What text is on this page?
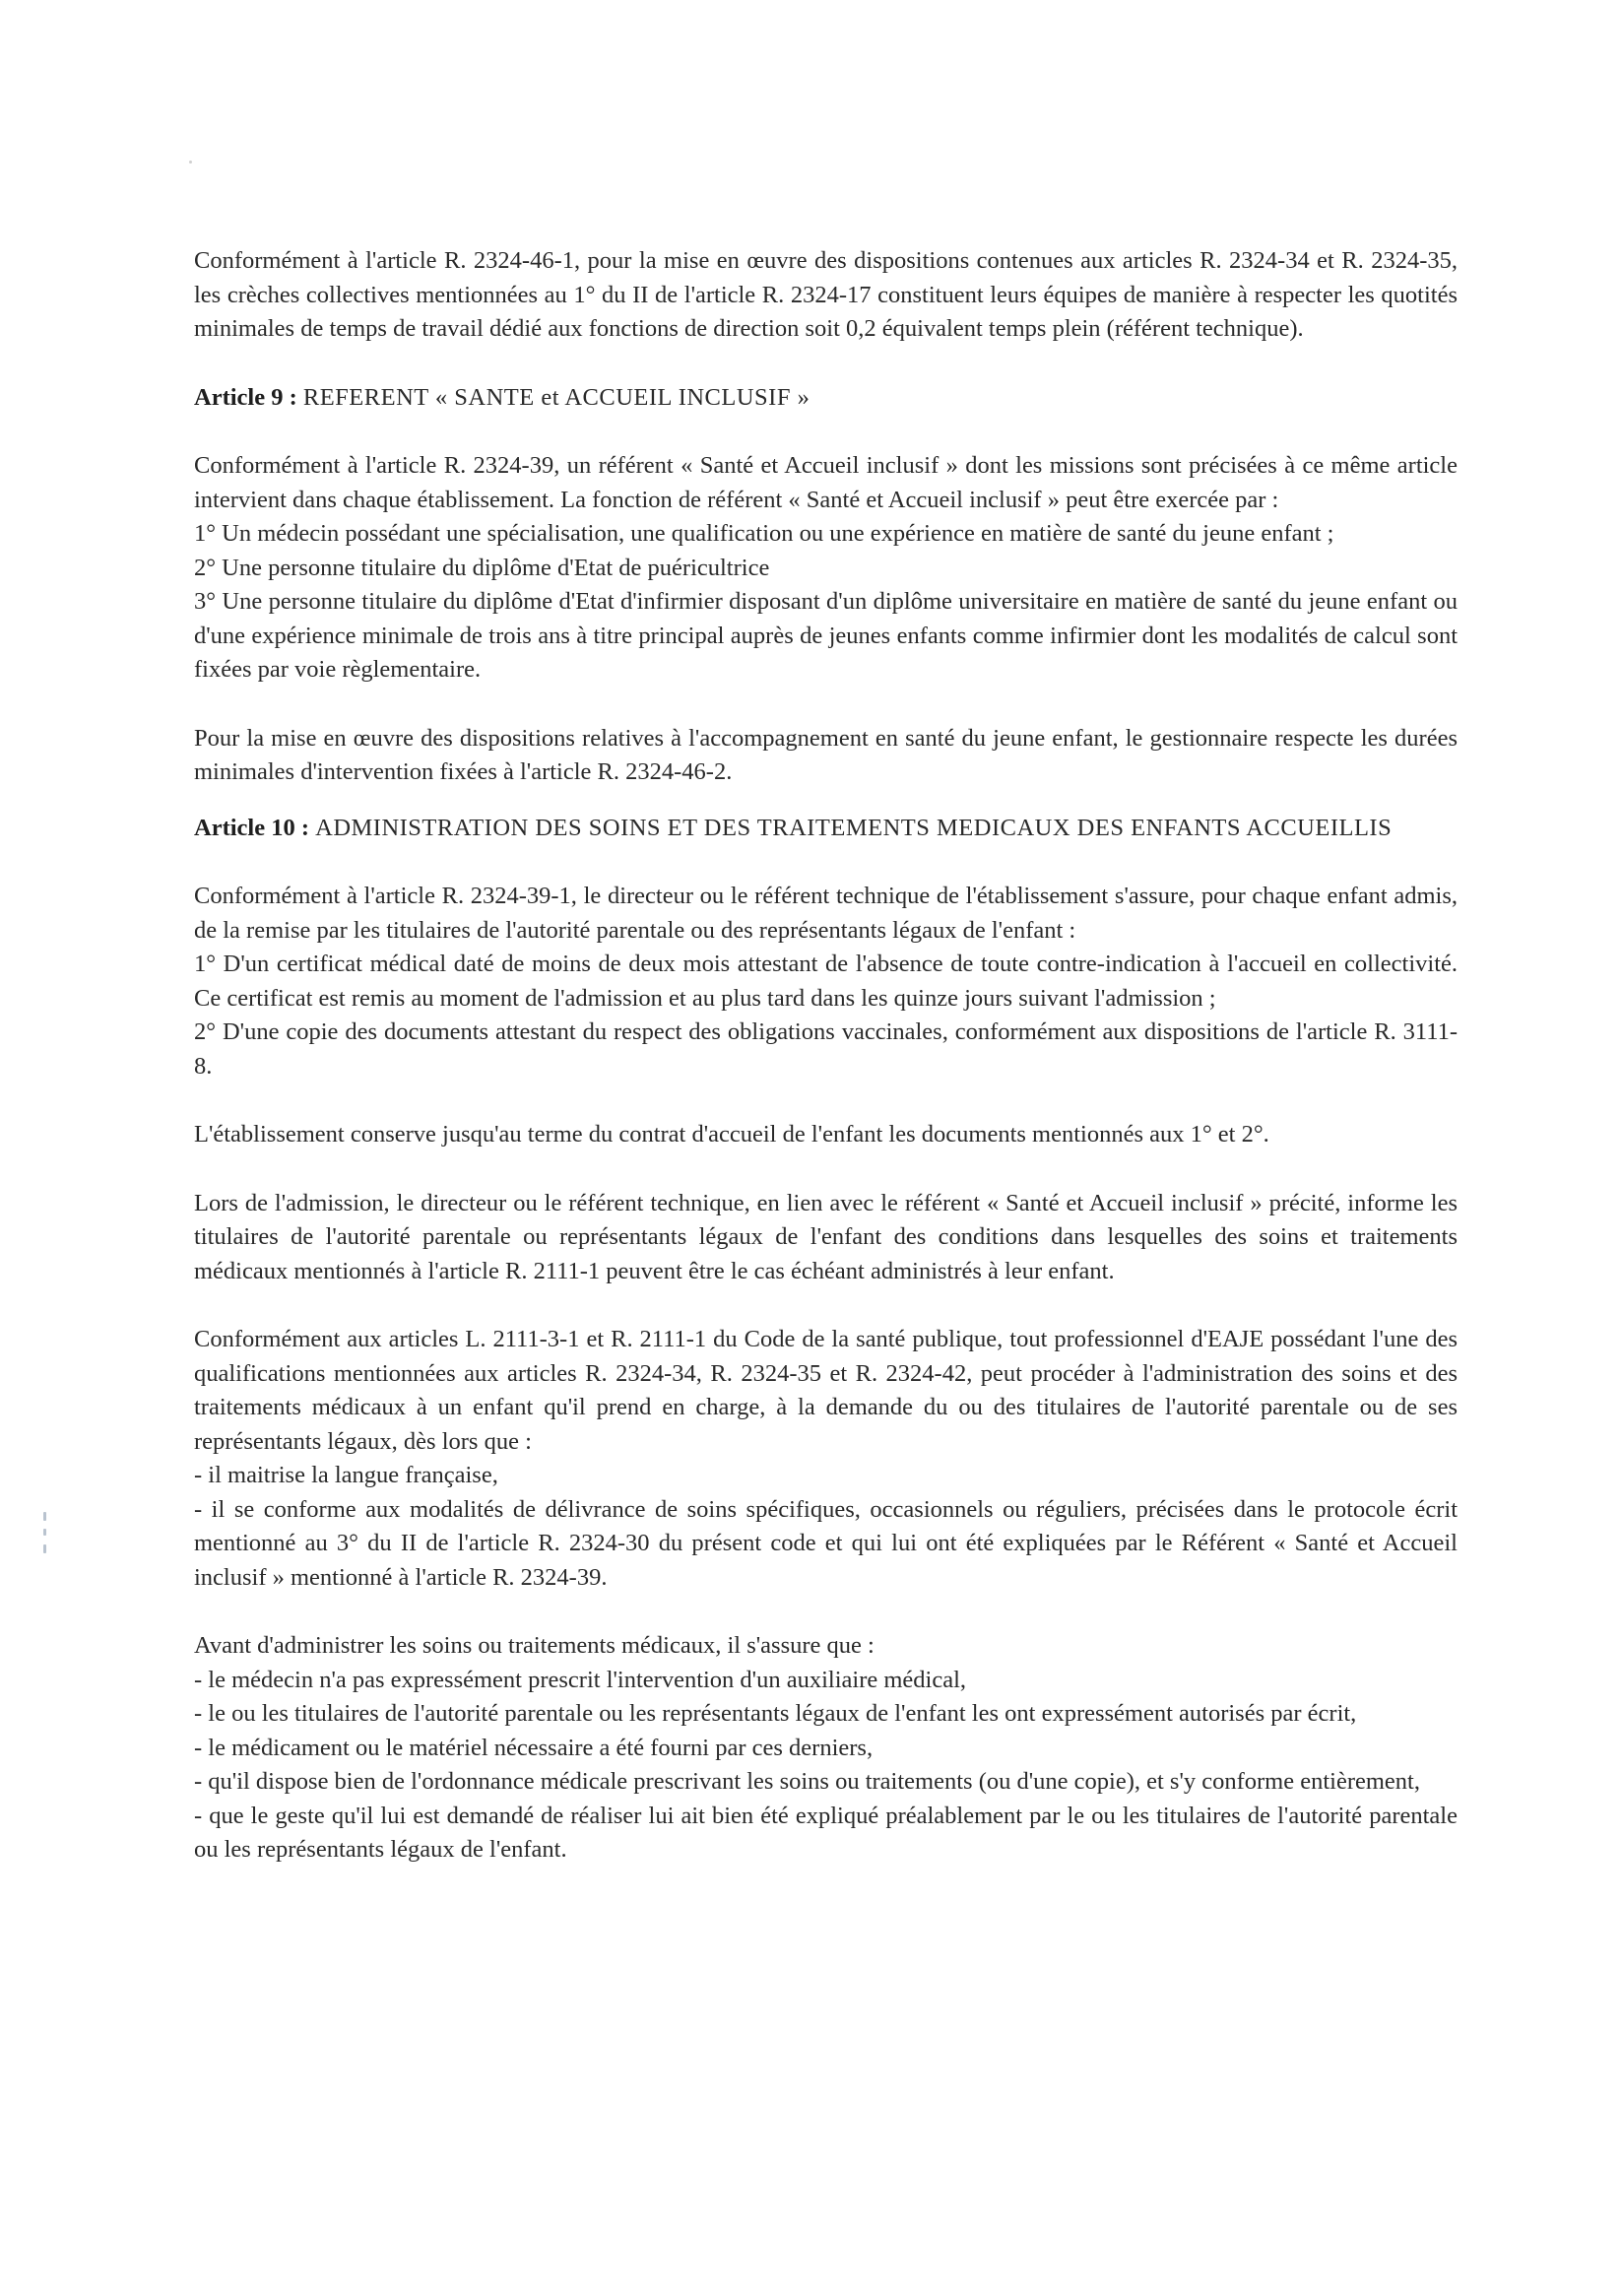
Conformément à l'article R. 2324-46-1, pour la mise en œuvre des dispositions contenues aux articles R. 2324-34 et R. 2324-35, les crèches collectives mentionnées au 1° du II de l'article R. 2324-17 constituent leurs équipes de manière à respecter les quotités minimales de temps de travail dédié aux fonctions de direction soit 0,2 équivalent temps plein (référent technique).

Article 9 : REFERENT « SANTE et ACCUEIL INCLUSIF »

Conformément à l'article R. 2324-39, un référent « Santé et Accueil inclusif » dont les missions sont précisées à ce même article intervient dans chaque établissement. La fonction de référent « Santé et Accueil inclusif » peut être exercée par :

1° Un médecin possédant une spécialisation, une qualification ou une expérience en matière de santé du jeune enfant ;

2° Une personne titulaire du diplôme d'Etat de puéricultrice

3° Une personne titulaire du diplôme d'Etat d'infirmier disposant d'un diplôme universitaire en matière de santé du jeune enfant ou d'une expérience minimale de trois ans à titre principal auprès de jeunes enfants comme infirmier dont les modalités de calcul sont fixées par voie règlementaire.

Pour la mise en œuvre des dispositions relatives à l'accompagnement en santé du jeune enfant, le gestionnaire respecte les durées minimales d'intervention fixées à l'article R. 2324-46-2.

Article 10 : ADMINISTRATION DES SOINS ET DES TRAITEMENTS MEDICAUX DES ENFANTS ACCUEILLIS

Conformément à l'article R. 2324-39-1, le directeur ou le référent technique de l'établissement s'assure, pour chaque enfant admis, de la remise par les titulaires de l'autorité parentale ou des représentants légaux de l'enfant :

1° D'un certificat médical daté de moins de deux mois attestant de l'absence de toute contre-indication à l'accueil en collectivité. Ce certificat est remis au moment de l'admission et au plus tard dans les quinze jours suivant l'admission ;

2° D'une copie des documents attestant du respect des obligations vaccinales, conformément aux dispositions de l'article R. 3111-8.

L'établissement conserve jusqu'au terme du contrat d'accueil de l'enfant les documents mentionnés aux 1° et 2°.

Lors de l'admission, le directeur ou le référent technique, en lien avec le référent « Santé et Accueil inclusif » précité, informe les titulaires de l'autorité parentale ou représentants légaux de l'enfant des conditions dans lesquelles des soins et traitements médicaux mentionnés à l'article R. 2111-1 peuvent être le cas échéant administrés à leur enfant.

Conformément aux articles L. 2111-3-1 et R. 2111-1 du Code de la santé publique, tout professionnel d'EAJE possédant l'une des qualifications mentionnées aux articles R. 2324-34, R. 2324-35 et R. 2324-42, peut procéder à l'administration des soins et des traitements médicaux à un enfant qu'il prend en charge, à la demande du ou des titulaires de l'autorité parentale ou de ses représentants légaux, dès lors que :

- il maitrise la langue française,

- il se conforme aux modalités de délivrance de soins spécifiques, occasionnels ou réguliers, précisées dans le protocole écrit mentionné au 3° du II de l'article R. 2324-30 du présent code et qui lui ont été expliquées par le Référent « Santé et Accueil inclusif » mentionné à l'article R. 2324-39.

Avant d'administrer les soins ou traitements médicaux, il s'assure que :

- le médecin n'a pas expressément prescrit l'intervention d'un auxiliaire médical,

- le ou les titulaires de l'autorité parentale ou les représentants légaux de l'enfant les ont expressément autorisés par écrit,

- le médicament ou le matériel nécessaire a été fourni par ces derniers,

- qu'il dispose bien de l'ordonnance médicale prescrivant les soins ou traitements (ou d'une copie), et s'y conforme entièrement,

- que le geste qu'il lui est demandé de réaliser lui ait bien été expliqué préalablement par le ou les titulaires de l'autorité parentale ou les représentants légaux de l'enfant.
